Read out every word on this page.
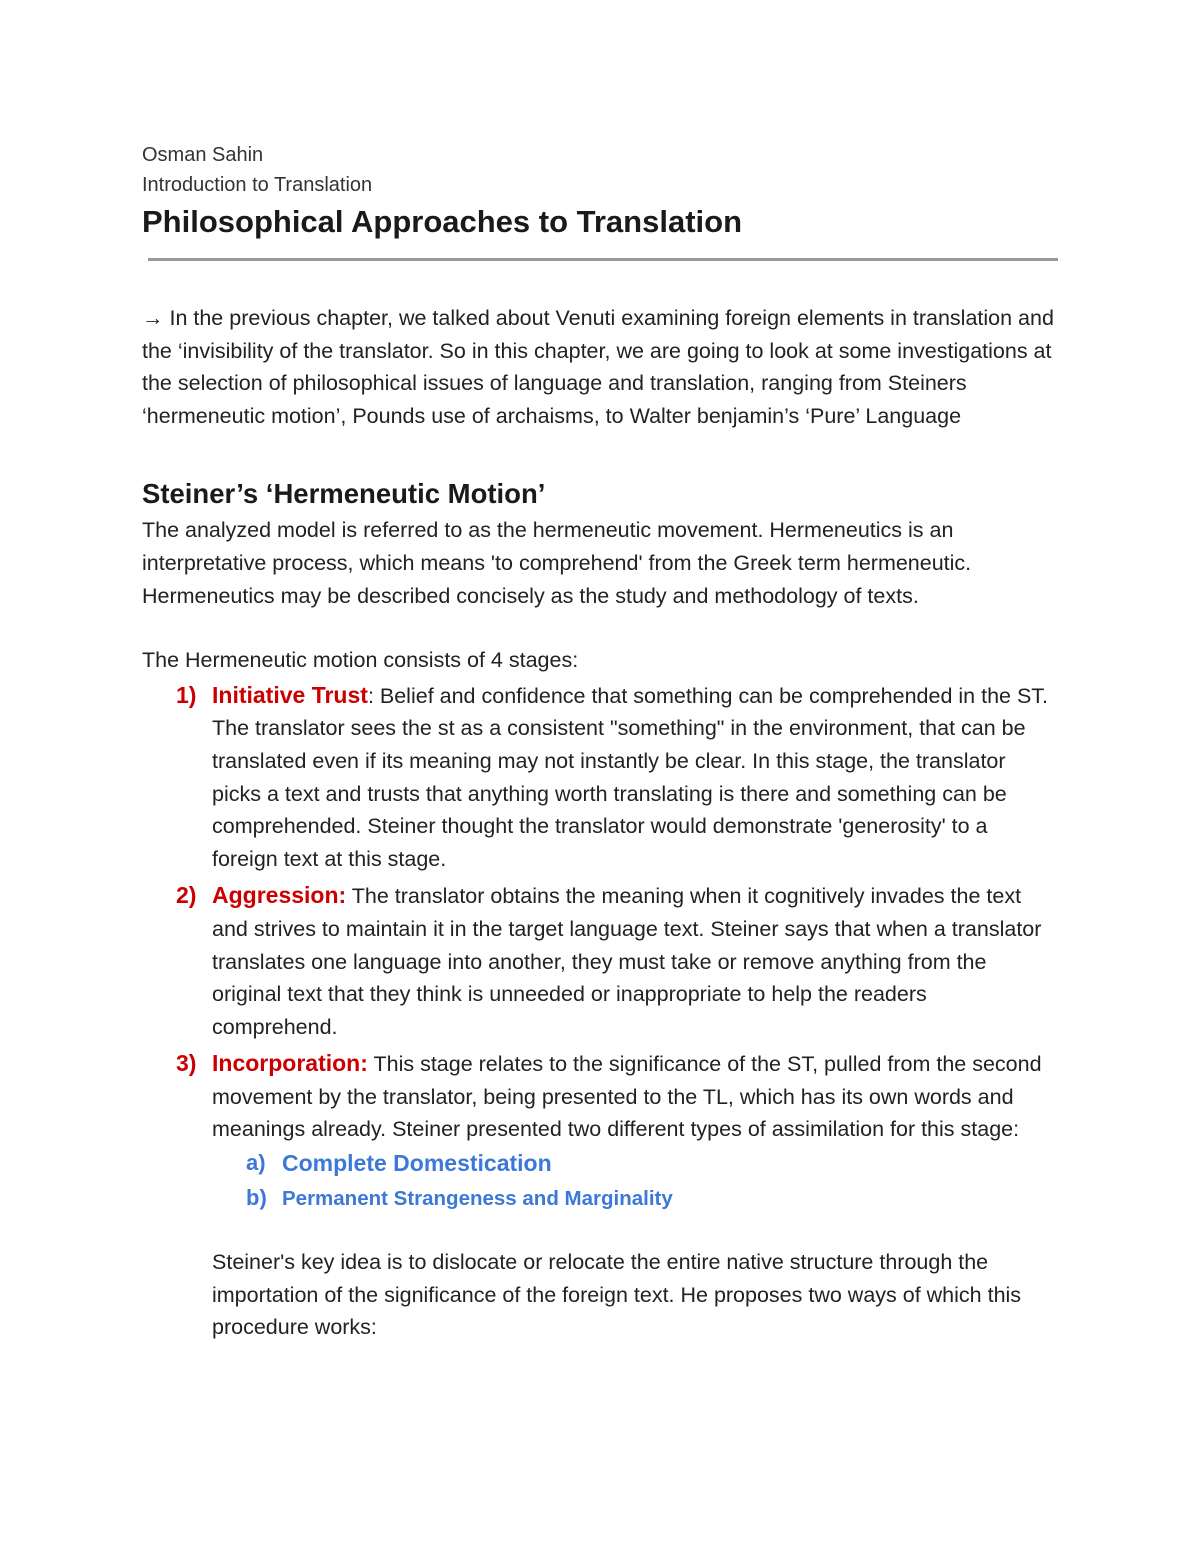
Osman Sahin

Introduction to Translation

Philosophical Approaches to Translation

→ In the previous chapter, we talked about Venuti examining foreign elements in translation and the ‘invisibility of the translator. So in this chapter, we are going to look at some investigations at the selection of philosophical issues of language and translation, ranging from Steiners ‘hermeneutic motion’, Pounds use of archaisms, to Walter benjamin’s ‘Pure’ Language

Steiner’s ‘Hermeneutic Motion’

The analyzed model is referred to as the hermeneutic movement. Hermeneutics is an interpretative process, which means 'to comprehend' from the Greek term hermeneutic. Hermeneutics may be described concisely as the study and methodology of texts.

The Hermeneutic motion consists of 4 stages:

1) Initiative Trust: Belief and confidence that something can be comprehended in the ST. The translator sees the st as a consistent "something" in the environment, that can be translated even if its meaning may not instantly be clear. In this stage, the translator picks a text and trusts that anything worth translating is there and something can be comprehended. Steiner thought the translator would demonstrate 'generosity' to a foreign text at this stage.
2) Aggression: The translator obtains the meaning when it cognitively invades the text and strives to maintain it in the target language text. Steiner says that when a translator translates one language into another, they must take or remove anything from the original text that they think is unneeded or inappropriate to help the readers comprehend.
3) Incorporation: This stage relates to the significance of the ST, pulled from the second movement by the translator, being presented to the TL, which has its own words and meanings already. Steiner presented two different types of assimilation for this stage:
a) Complete Domestication
b) Permanent Strangeness and Marginality

Steiner's key idea is to dislocate or relocate the entire native structure through the importation of the significance of the foreign text. He proposes two ways of which this procedure works:
